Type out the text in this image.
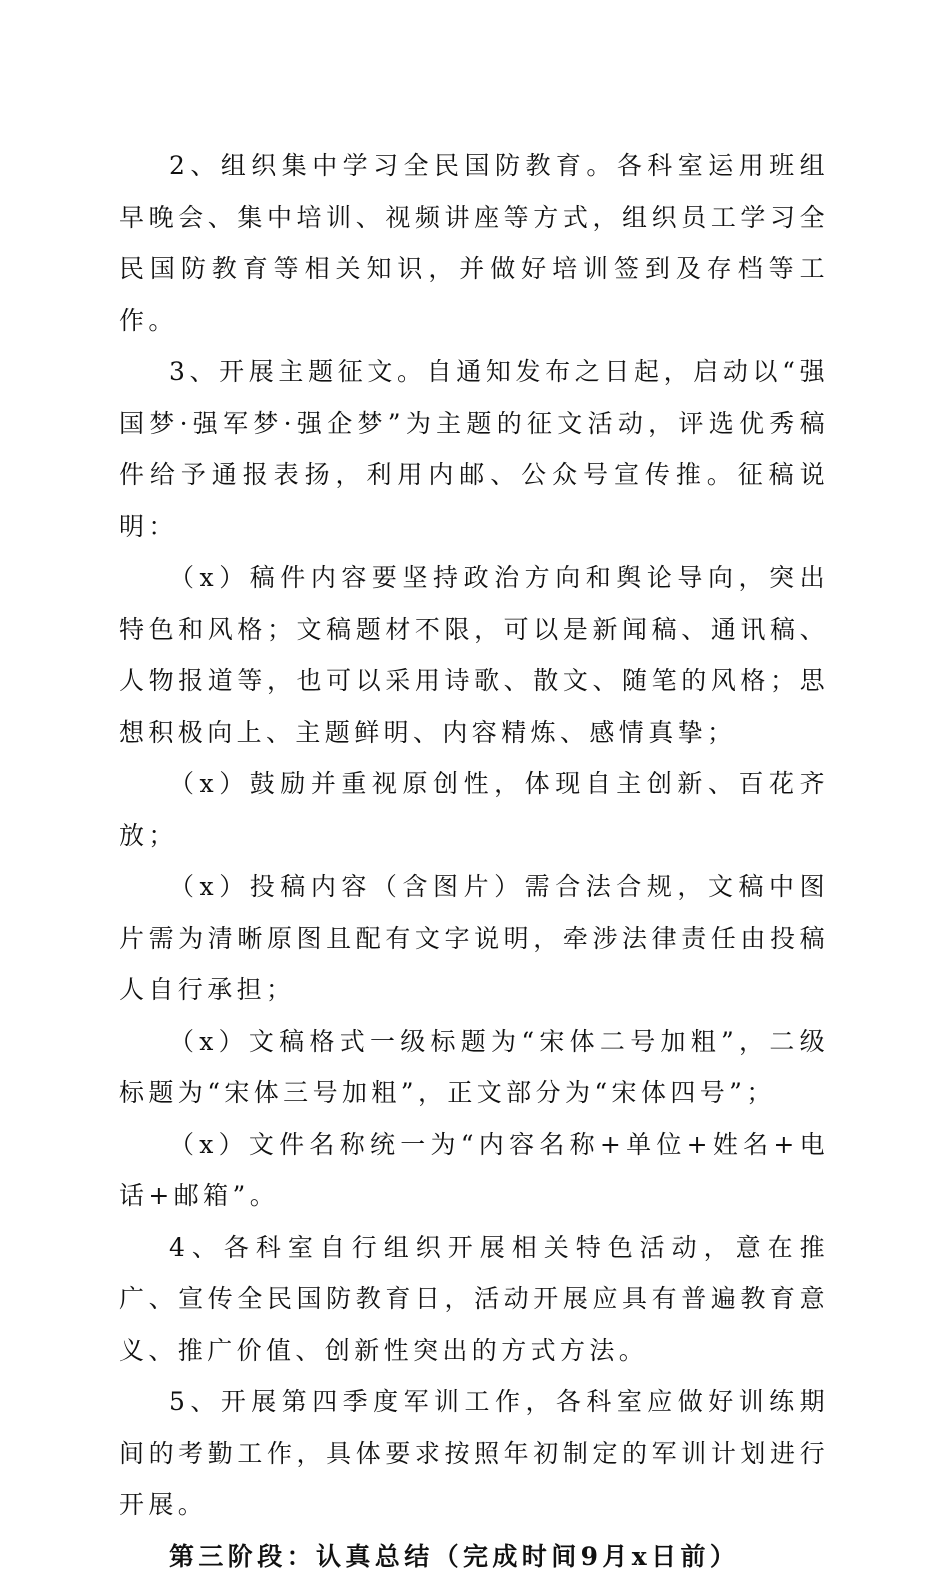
2、组织集中学习全民国防教育。各科室运用班组早晚会、集中培训、视频讲座等方式，组织员工学习全民国防教育等相关知识，并做好培训签到及存档等工作。

3、开展主题征文。自通知发布之日起，启动以“强国梦·强军梦·强企梦”为主题的征文活动，评选优秀稿件给予通报表扬，利用内邮、公众号宣传推。征稿说明：

（x）稿件内容要坚持政治方向和舆论导向，突出特色和风格；文稿题材不限，可以是新闻稿、通讯稿、人物报道等，也可以采用诗歌、散文、随笔的风格；思想积极向上、主题鲜明、内容精炼、感情真挚；

（x）鼓励并重视原创性，体现自主创新、百花齐放；

（x）投稿内容（含图片）需合法合规，文稿中图片需为清晰原图且配有文字说明，牵涉法律责任由投稿人自行承担；

（x）文稿格式一级标题为“宋体二号加粗”，二级标题为“宋体三号加粗”，正文部分为“宋体四号”；

（x）文件名称统一为“内容名称+单位+姓名+电话+邮箱”。

4、各科室自行组织开展相关特色活动，意在推广、宣传全民国防教育日，活动开展应具有普遍教育意义、推广价值、创新性突出的方式方法。

5、开展第四季度军训工作，各科室应做好训练期间的考勤工作，具体要求按照年初制定的军训计划进行开展。

第三阶段：认真总结（完成时间9月x日前）
